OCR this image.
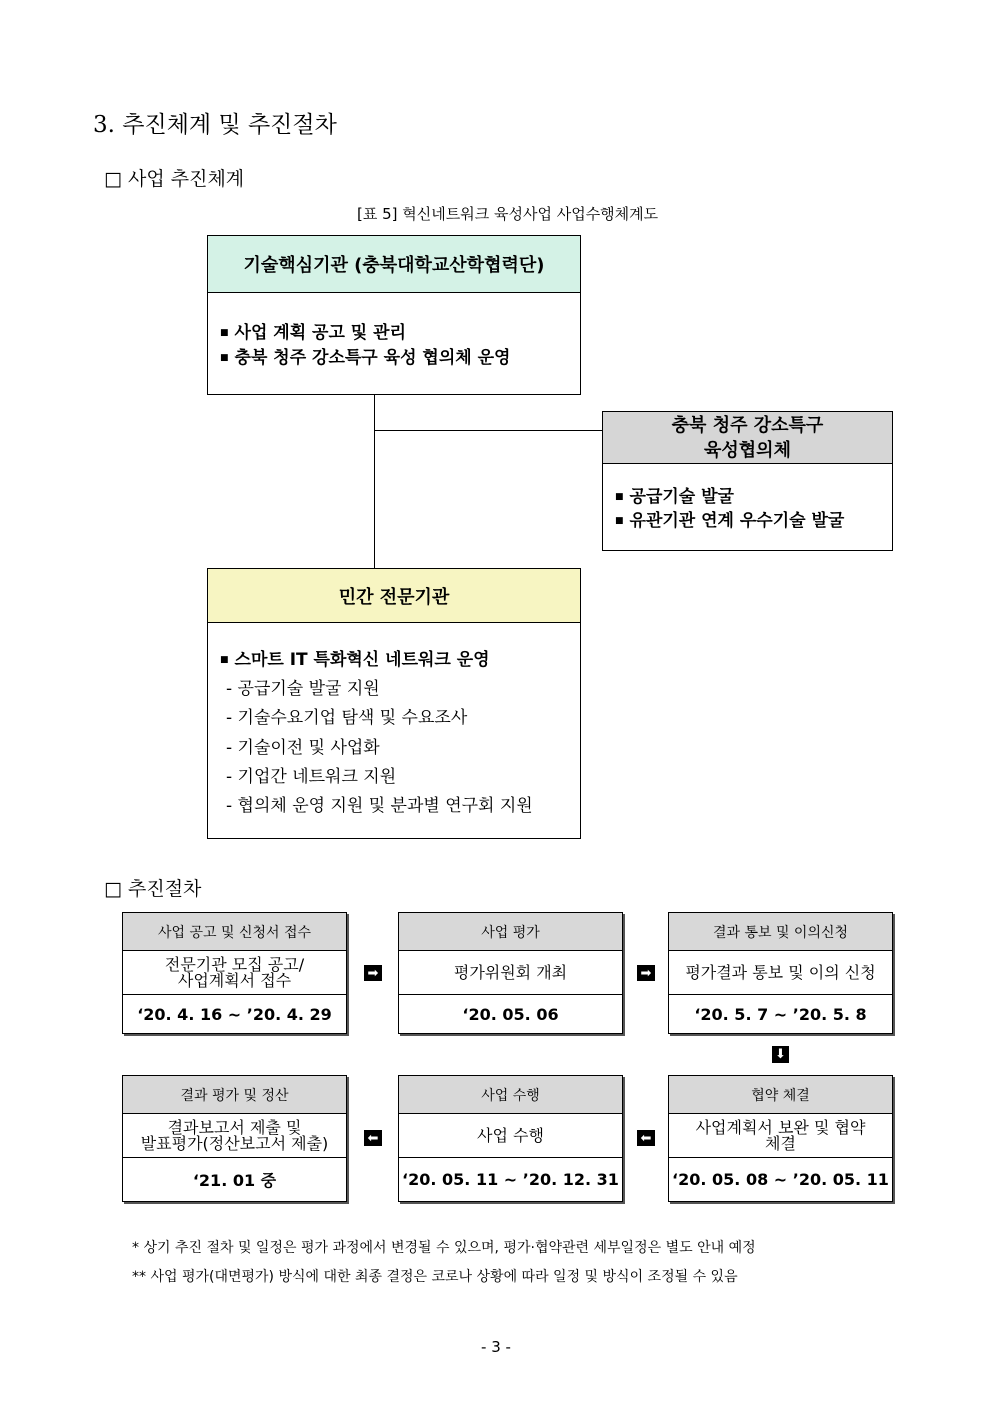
3. 추진체계 및 추진절차
□ 사업 추진체계
[표 5] 혁신네트워크 육성사업 사업수행체계도
기술핵심기관 (충북대학교산학협력단)
■ 사업 계획 공고 및 관리
■ 충북 청주 강소특구 육성 협의체 운영
충북 청주 강소특구
육성협의체
■ 공급기술 발굴
■ 유관기관 연계 우수기술 발굴
민간 전문기관
■ 스마트 IT 특화혁신 네트워크 운영
- 공급기술 발굴 지원
- 기술수요기업 탐색 및 수요조사
- 기술이전 및 사업화
- 기업간 네트워크 지원
- 협의체 운영 지원 및 분과별 연구회 지원
□ 추진절차
사업 공고 및 신청서 접수
전문기관 모집 공고/
사업계획서 접수
‘20. 4. 16 ~ ’20. 4. 29
사업 평가
평가위원회 개최
‘20. 05. 06
결과 통보 및 이의신청
평가결과 통보 및 이의 신청
‘20. 5. 7 ~ ’20. 5. 8
➡	➡
⬇
결과 평가 및 정산
결과보고서 제출 및
발표평가(정산보고서 제출)
‘21. 01 중
사업 수행
사업 수행
‘20. 05. 11 ~ ’20. 12. 31
협약 체결
사업계획서 보완 및 협약
체결
‘20. 05. 08 ~ ’20. 05. 11
⬅	⬅
* 상기 추진 절차 및 일정은 평가 과정에서 변경될 수 있으며, 평가·협약관련 세부일정은 별도 안내 예정
** 사업 평가(대면평가) 방식에 대한 최종 결정은 코로나 상황에 따라 일정 및 방식이 조정될 수 있음
- 3 -
